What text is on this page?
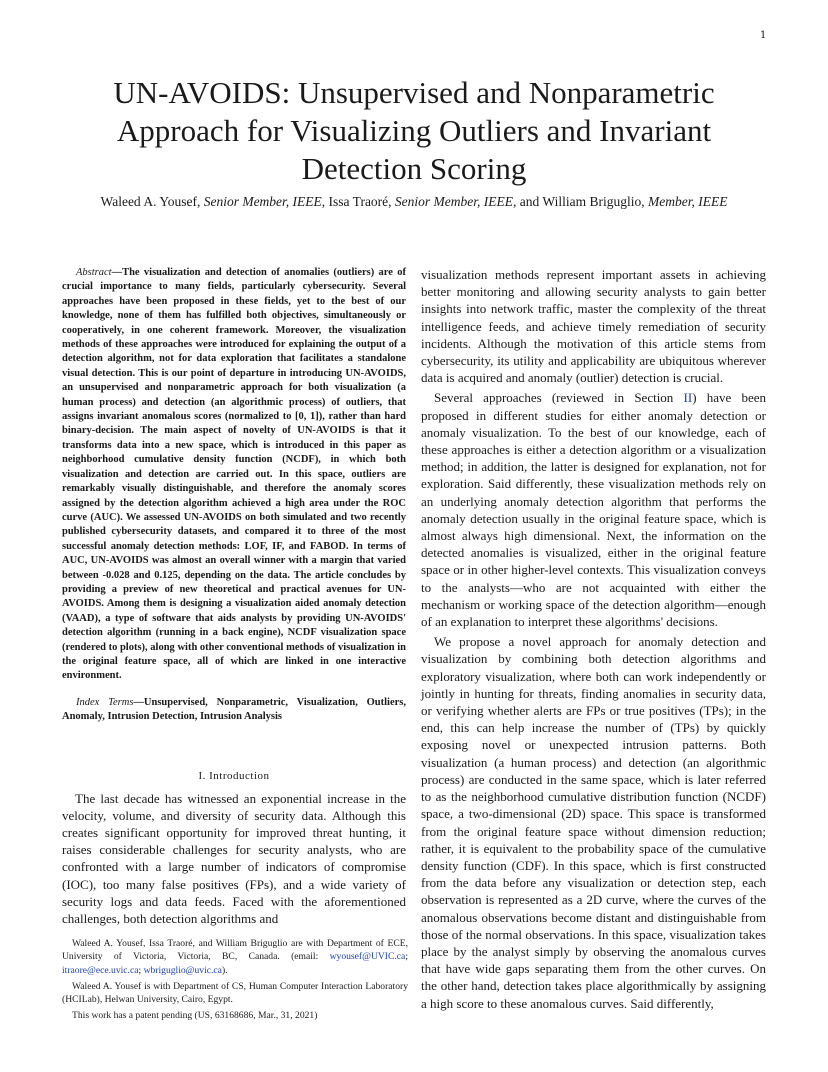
1
UN-AVOIDS: Unsupervised and Nonparametric Approach for Visualizing Outliers and Invariant Detection Scoring
Waleed A. Yousef, Senior Member, IEEE, Issa Traoré, Senior Member, IEEE, and William Briguglio, Member, IEEE

Abstract—The visualization and detection of anomalies (outliers) are of crucial importance to many fields, particularly cybersecurity. Several approaches have been proposed in these fields, yet to the best of our knowledge, none of them has fulfilled both objectives, simultaneously or cooperatively, in one coherent framework. Moreover, the visualization methods of these approaches were introduced for explaining the output of a detection algorithm, not for data exploration that facilitates a standalone visual detection. This is our point of departure in introducing UN-AVOIDS, an unsupervised and nonparametric approach for both visualization (a human process) and detection (an algorithmic process) of outliers, that assigns invariant anomalous scores (normalized to [0, 1]), rather than hard binary-decision. The main aspect of novelty of UN-AVOIDS is that it transforms data into a new space, which is introduced in this paper as neighborhood cumulative density function (NCDF), in which both visualization and detection are carried out. In this space, outliers are remarkably visually distinguishable, and therefore the anomaly scores assigned by the detection algorithm achieved a high area under the ROC curve (AUC). We assessed UN-AVOIDS on both simulated and two recently published cybersecurity datasets, and compared it to three of the most successful anomaly detection methods: LOF, IF, and FABOD. In terms of AUC, UN-AVOIDS was almost an overall winner with a margin that varied between -0.028 and 0.125, depending on the data. The article concludes by providing a preview of new theoretical and practical avenues for UN-AVOIDS. Among them is designing a visualization aided anomaly detection (VAAD), a type of software that aids analysts by providing UN-AVOIDS' detection algorithm (running in a back engine), NCDF visualization space (rendered to plots), along with other conventional methods of visualization in the original feature space, all of which are linked in one interactive environment.

Index Terms—Unsupervised, Nonparametric, Visualization, Outliers, Anomaly, Intrusion Detection, Intrusion Analysis

I. Introduction

The last decade has witnessed an exponential increase in the velocity, volume, and diversity of security data. Although this creates significant opportunity for improved threat hunting, it raises considerable challenges for security analysts, who are confronted with a large number of indicators of compromise (IOC), too many false positives (FPs), and a wide variety of security logs and data feeds. Faced with the aforementioned challenges, both detection algorithms and

visualization methods represent important assets in achieving better monitoring and allowing security analysts to gain better insights into network traffic, master the complexity of the threat intelligence feeds, and achieve timely remediation of security incidents. Although the motivation of this article stems from cybersecurity, its utility and applicability are ubiquitous wherever data is acquired and anomaly (outlier) detection is crucial.

Several approaches (reviewed in Section II) have been proposed in different studies for either anomaly detection or anomaly visualization. To the best of our knowledge, each of these approaches is either a detection algorithm or a visualization method; in addition, the latter is designed for explanation, not for exploration. Said differently, these visualization methods rely on an underlying anomaly detection algorithm that performs the anomaly detection usually in the original feature space, which is almost always high dimensional. Next, the information on the detected anomalies is visualized, either in the original feature space or in other higher-level contexts. This visualization conveys to the analysts—who are not acquainted with either the mechanism or working space of the detection algorithm—enough of an explanation to interpret these algorithms' decisions.

We propose a novel approach for anomaly detection and visualization by combining both detection algorithms and exploratory visualization, where both can work independently or jointly in hunting for threats, finding anomalies in security data, or verifying whether alerts are FPs or true positives (TPs); in the end, this can help increase the number of (TPs) by quickly exposing novel or unexpected intrusion patterns. Both visualization (a human process) and detection (an algorithmic process) are conducted in the same space, which is later referred to as the neighborhood cumulative distribution function (NCDF) space, a two-dimensional (2D) space. This space is transformed from the original feature space without dimension reduction; rather, it is equivalent to the probability space of the cumulative density function (CDF). In this space, which is first constructed from the data before any visualization or detection step, each observation is represented as a 2D curve, where the curves of the anomalous observations become distant and distinguishable from those of the normal observations. In this space, visualization takes place by the analyst simply by observing the anomalous curves that have wide gaps separating them from the other curves. On the other hand, detection takes place algorithmically by assigning a high score to these anomalous curves. Said differently,

Waleed A. Yousef, Issa Traoré, and William Briguglio are with Department of ECE, University of Victoria, Victoria, BC, Canada. (email: wyousef@UVIC.ca; itraore@ece.uvic.ca; wbriguglio@uvic.ca).

Waleed A. Yousef is with Department of CS, Human Computer Interaction Laboratory (HCILab), Helwan University, Cairo, Egypt.

This work has a patent pending (US, 63168686, Mar., 31, 2021)
